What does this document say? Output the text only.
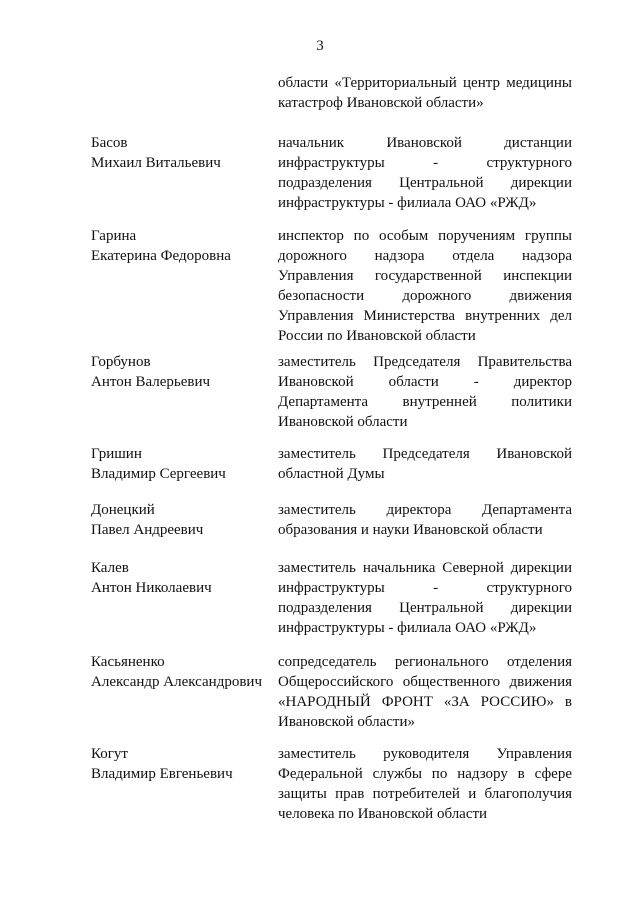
3
области «Территориальный центр медицины
катастроф Ивановской области»
Басов
Михаил Витальевич
начальник Ивановской дистанции
инфраструктуры - структурного
подразделения Центральной дирекции
инфраструктуры - филиала ОАО «РЖД»
Гарина
Екатерина Федоровна
инспектор по особым поручениям группы
дорожного надзора отдела надзора
Управления государственной инспекции
безопасности дорожного движения
Управления Министерства внутренних дел
России по Ивановской области
Горбунов
Антон Валерьевич
заместитель Председателя Правительства
Ивановской области - директор
Департамента внутренней политики
Ивановской области
Гришин
Владимир Сергеевич
заместитель Председателя Ивановской
областной Думы
Донецкий
Павел Андреевич
заместитель директора Департамента
образования и науки Ивановской области
Калев
Антон Николаевич
заместитель начальника Северной дирекции
инфраструктуры - структурного
подразделения Центральной дирекции
инфраструктуры - филиала ОАО «РЖД»
Касьяненко
Александр Александрович
сопредседатель регионального отделения
Общероссийского общественного движения
«НАРОДНЫЙ ФРОНТ «ЗА РОССИЮ» в
Ивановской области»
Когут
Владимир Евгеньевич
заместитель руководителя Управления
Федеральной службы по надзору в сфере
защиты прав потребителей и благополучия
человека по Ивановской области
